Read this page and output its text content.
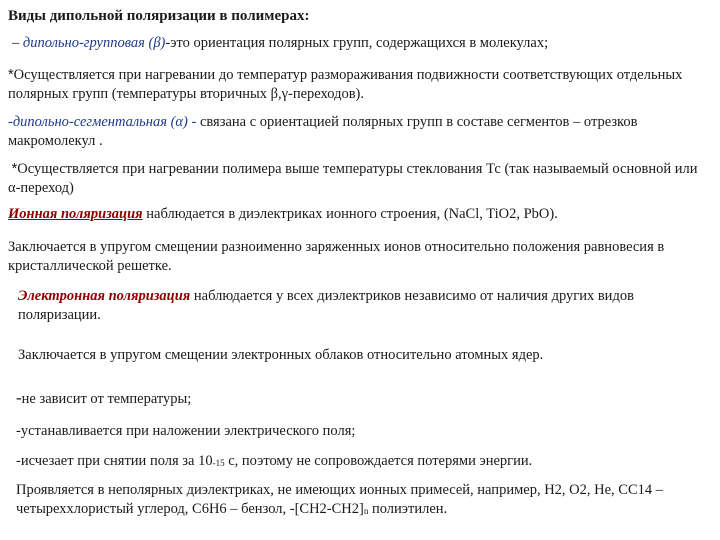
Виды дипольной поляризации в полимерах:

– дипольно-групповая (β)-это ориентация полярных групп, содержащихся в молекулах;

*Осуществляется при нагревании до температур размораживания подвижности соответствующих отдельных полярных групп (температуры вторичных β,γ-переходов).

-дипольно-сегментальная (α) - связана с ориентацией полярных групп в составе сегментов – отрезков макромолекул .

*Осуществляется при нагревании полимера выше температуры стеклования Тс (так называемый основной или α-переход)

Ионная поляризация наблюдается в диэлектриках ионного строения, (NaCl, TiO2, PbO).

Заключается в упругом смещении разноименно заряженных ионов относительно положения равновесия в кристаллической решетке.

Электронная поляризация наблюдается у всех диэлектриков независимо от наличия других видов поляризации.

Заключается в упругом смещении электронных облаков относительно атомных ядер.

-не зависит от температуры;

-устанавливается при наложении электрического поля;

-исчезает при снятии поля за $10_{-15}$ с, поэтому не сопровождается потерями энергии.

Проявляется в неполярных диэлектриках, не имеющих ионных примесей, например, Н2, О2, Не, СС14 – четыреххлористый углерод, С6Н6 – бензол, $-[СН2-СН2]_n$ полиэтилен.
